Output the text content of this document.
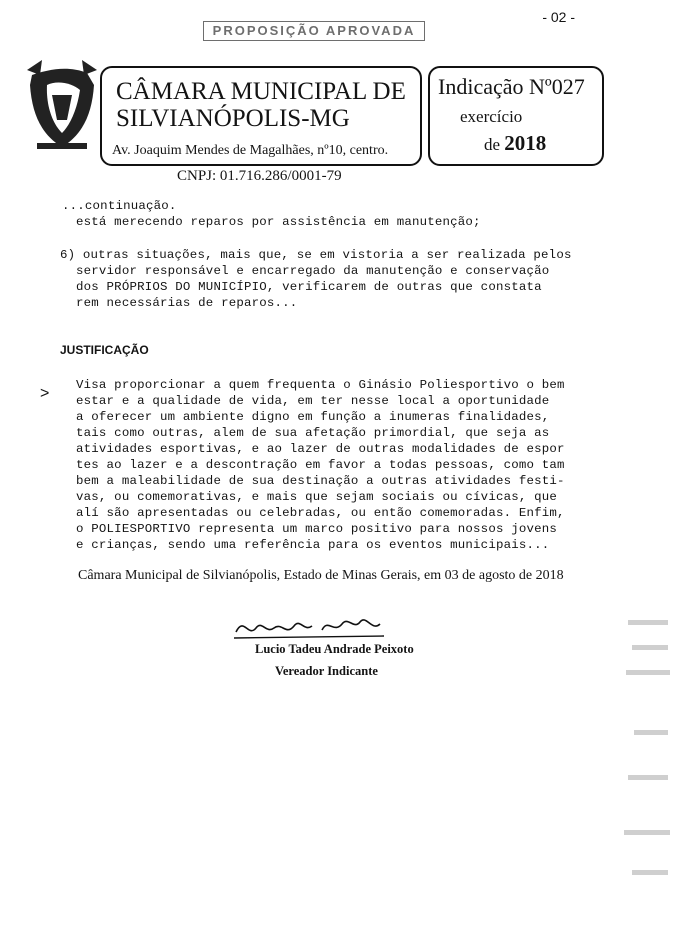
- 02 -
PROPOSIÇÃO APROVADA
CÂMARA MUNICIPAL DE
SILVIANÓPOLIS-MG
Av. Joaquim Mendes de Magalhães, nº10, centro.
Indicação Nº027
exercício
de 2018
CNPJ: 01.716.286/0001-79
...continuação.
está merecendo reparos por assistência em manutenção;
6) outras situações, mais que, se em vistoria a ser realizada pelos
servidor responsável e encarregado da manutenção e conservação
dos PRÓPRIOS DO MUNICÍPIO, verificarem de outras que constata
rem necessárias de reparos...
JUSTIFICAÇÃO
> Visa proporcionar a quem frequenta o Ginásio Poliesportivo o bem
estar e a qualidade de vida, em ter nesse local a oportunidade
a oferecer um ambiente digno em função a inumeras finalidades,
tais como outras, alem de sua afetação primordial, que seja as
atividades esportivas, e ao lazer de outras modalidades de espor
tes ao lazer e a descontração em favor a todas pessoas, como tam
bem a maleabilidade de sua destinação a outras atividades festi-
vas, ou comemorativas, e mais que sejam sociais ou cívicas, que
alí são apresentadas ou celebradas, ou então comemoradas. Enfim,
o POLIESPORTIVO representa um marco positivo para nossos jovens
e crianças, sendo uma referência para os eventos municipais...
Câmara Municipal de Silvianópolis, Estado de Minas Gerais, em 03 de agosto de 2018
Lucio Tadeu Andrade Peixoto
Vereador Indicante
